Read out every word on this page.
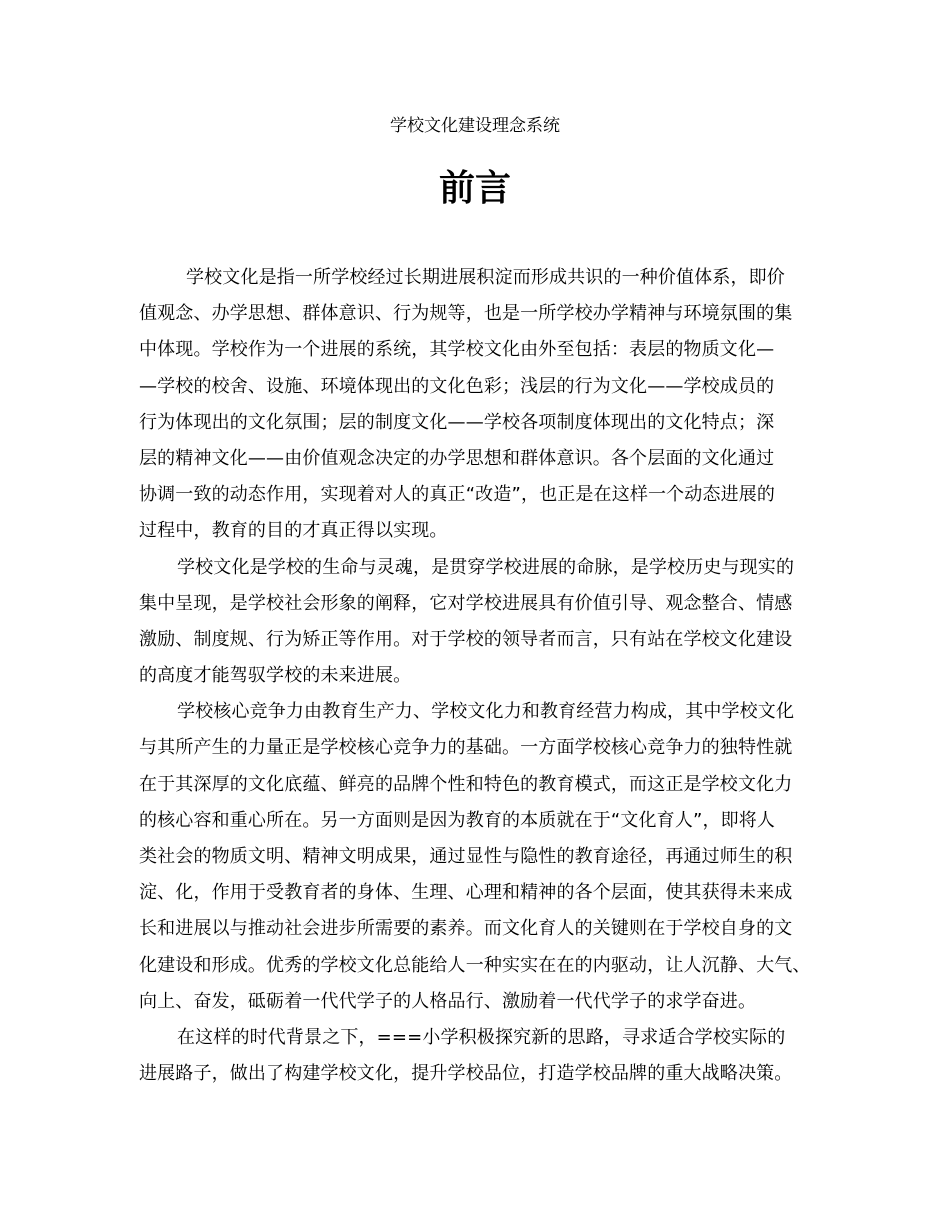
学校文化建设理念系统
前言
学校文化是指一所学校经过长期进展积淀而形成共识的一种价值体系，即价
值观念、办学思想、群体意识、行为规等，也是一所学校办学精神与环境氛围的集
中体现。学校作为一个进展的系统，其学校文化由外至包括：表层的物质文化—
—学校的校舍、设施、环境体现出的文化色彩；浅层的行为文化——学校成员的
行为体现出的文化氛围；层的制度文化——学校各项制度体现出的文化特点；深
层的精神文化——由价值观念决定的办学思想和群体意识。各个层面的文化通过
协调一致的动态作用，实现着对人的真正“改造”，也正是在这样一个动态进展的
过程中，教育的目的才真正得以实现。
学校文化是学校的生命与灵魂，是贯穿学校进展的命脉，是学校历史与现实的
集中呈现，是学校社会形象的阐释，它对学校进展具有价值引导、观念整合、情感
激励、制度规、行为矫正等作用。对于学校的领导者而言，只有站在学校文化建设
的高度才能驾驭学校的未来进展。
学校核心竞争力由教育生产力、学校文化力和教育经营力构成，其中学校文化
与其所产生的力量正是学校核心竞争力的基础。一方面学校核心竞争力的独特性就
在于其深厚的文化底蕴、鲜亮的品牌个性和特色的教育模式，而这正是学校文化力
的核心容和重心所在。另一方面则是因为教育的本质就在于“文化育人”，即将人
类社会的物质文明、精神文明成果，通过显性与隐性的教育途径，再通过师生的积
淀、化，作用于受教育者的身体、生理、心理和精神的各个层面，使其获得未来成
长和进展以与推动社会进步所需要的素养。而文化育人的关键则在于学校自身的文
化建设和形成。优秀的学校文化总能给人一种实实在在的内驱动，让人沉静、大气、
向上、奋发，砥砺着一代代学子的人格品行、激励着一代代学子的求学奋进。
在这样的时代背景之下，===小学积极探究新的思路，寻求适合学校实际的
进展路子，做出了构建学校文化，提升学校品位，打造学校品牌的重大战略决策。
